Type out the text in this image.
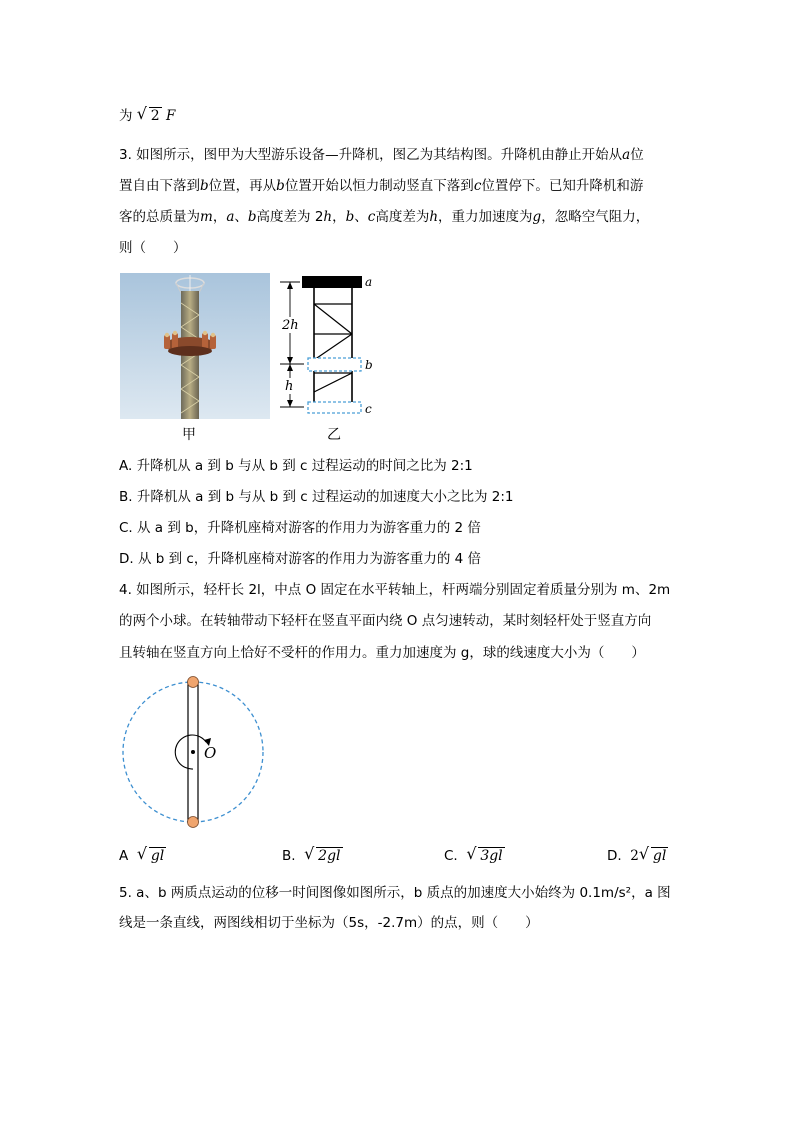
为 √ 2 F
3. 如图所示，图甲为大型游乐设备—升降机，图乙为其结构图。升降机由静止开始从a位
置自由下落到b位置，再从b位置开始以恒力制动竖直下落到c位置停下。已知升降机和游
客的总质量为m，a、b高度差为 2h，b、c高度差为h，重力加速度为g，忽略空气阻力，
则（　　）
2h
h
a
b
c
甲	乙
A. 升降机从 a 到 b 与从 b 到 c 过程运动的时间之比为 2:1
B. 升降机从 a 到 b 与从 b 到 c 过程运动的加速度大小之比为 2:1
C. 从 a 到 b，升降机座椅对游客的作用力为游客重力的 2 倍
D. 从 b 到 c，升降机座椅对游客的作用力为游客重力的 4 倍
4. 如图所示，轻杆长 2l，中点 O 固定在水平转轴上，杆两端分别固定着质量分别为 m、2m
的两个小球。在转轴带动下轻杆在竖直平面内绕 O 点匀速转动，某时刻轻杆处于竖直方向
且转轴在竖直方向上恰好不受杆的作用力。重力加速度为 g，球的线速度大小为（　　）
O
A √ gl	B. √ 2gl	C. √ 3gl	D. 2 √ gl
5. a、b 两质点运动的位移一时间图像如图所示，b 质点的加速度大小始终为 0.1m/s²，a 图
线是一条直线，两图线相切于坐标为（5s，-2.7m）的点，则（　　）
